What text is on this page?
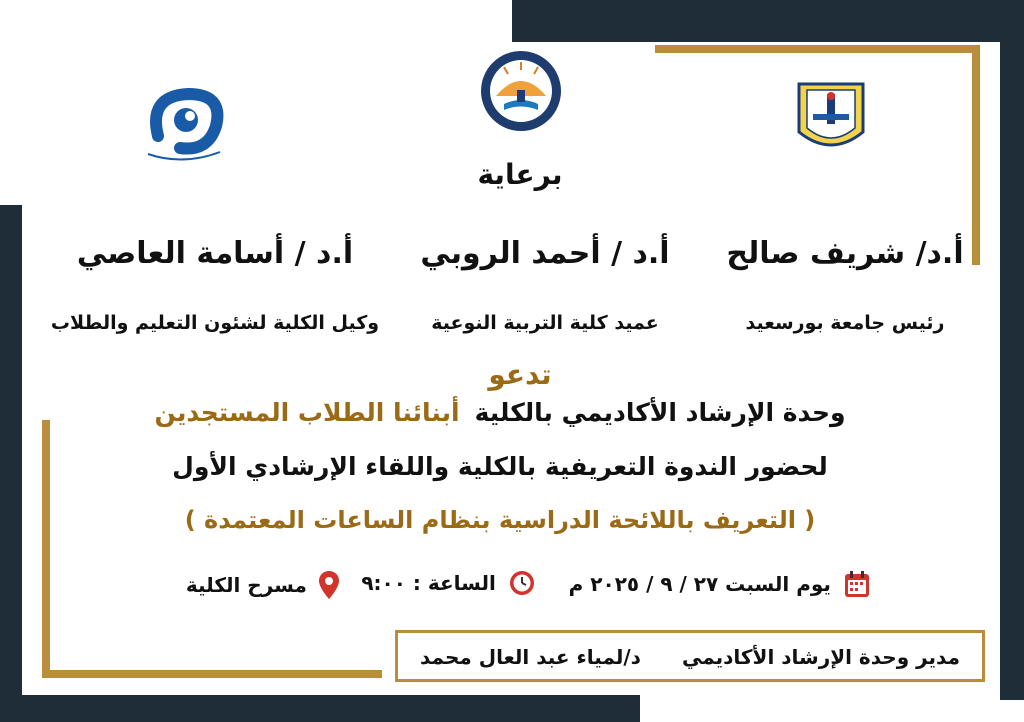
برعاية
أ.د/ شريف صالح
رئيس جامعة بورسعيد
أ.د / أحمد الروبي
عميد كلية التربية النوعية
أ.د / أسامة العاصي
وكيل الكلية لشئون التعليم والطلاب
تدعو
وحدة الإرشاد الأكاديمي بالكلية أبنائنا الطلاب المستجدين
لحضور الندوة التعريفية بالكلية واللقاء الإرشادي الأول
( التعريف باللائحة الدراسية بنظام الساعات المعتمدة )
يوم السبت ٢٧ / ٩ / ٢٠٢٥ م
الساعة : ٩:٠٠
مسرح الكلية
مدير وحدة الإرشاد الأكاديمي
د/لمياء عبد العال محمد
